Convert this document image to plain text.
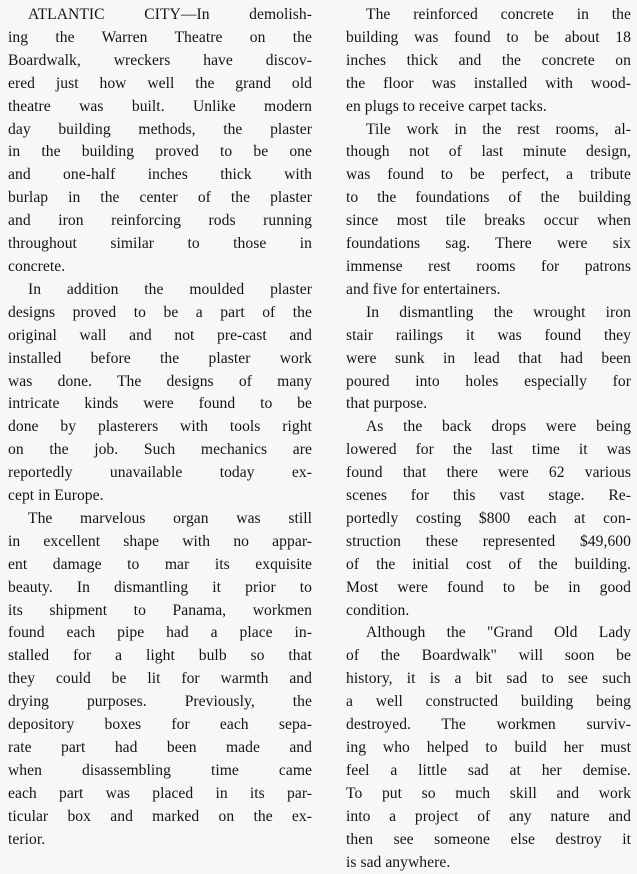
ATLANTIC CITY—In demolish-
ing the Warren Theatre on the
Boardwalk, wreckers have discov-
ered just how well the grand old
theatre was built. Unlike modern
day building methods, the plaster
in the building proved to be one
and one-half inches thick with
burlap in the center of the plaster
and iron reinforcing rods running
throughout similar to those in
concrete.

In addition the moulded plaster
designs proved to be a part of the
original wall and not pre-cast and
installed before the plaster work
was done. The designs of many
intricate kinds were found to be
done by plasterers with tools right
on the job. Such mechanics are
reportedly unavailable today ex-
cept in Europe.

The marvelous organ was still
in excellent shape with no appar-
ent damage to mar its exquisite
beauty. In dismantling it prior to
its shipment to Panama, workmen
found each pipe had a place in-
stalled for a light bulb so that
they could be lit for warmth and
drying purposes. Previously, the
depository boxes for each sepa-
rate part had been made and
when disassembling time came
each part was placed in its par-
ticular box and marked on the ex-
terior.

The reinforced concrete in the
building was found to be about 18
inches thick and the concrete on
the floor was installed with wood-
en plugs to receive carpet tacks.

Tile work in the rest rooms, al-
though not of last minute design,
was found to be perfect, a tribute
to the foundations of the building
since most tile breaks occur when
foundations sag. There were six
immense rest rooms for patrons
and five for entertainers.

In dismantling the wrought iron
stair railings it was found they
were sunk in lead that had been
poured into holes especially for
that purpose.

As the back drops were being
lowered for the last time it was
found that there were 62 various
scenes for this vast stage. Re-
portedly costing $800 each at con-
struction these represented $49,600
of the initial cost of the building.
Most were found to be in good
condition.

Although the "Grand Old Lady
of the Boardwalk" will soon be
history, it is a bit sad to see such
a well constructed building being
destroyed. The workmen surviv-
ing who helped to build her must
feel a little sad at her demise.
To put so much skill and work
into a project of any nature and
then see someone else destroy it
is sad anywhere.
